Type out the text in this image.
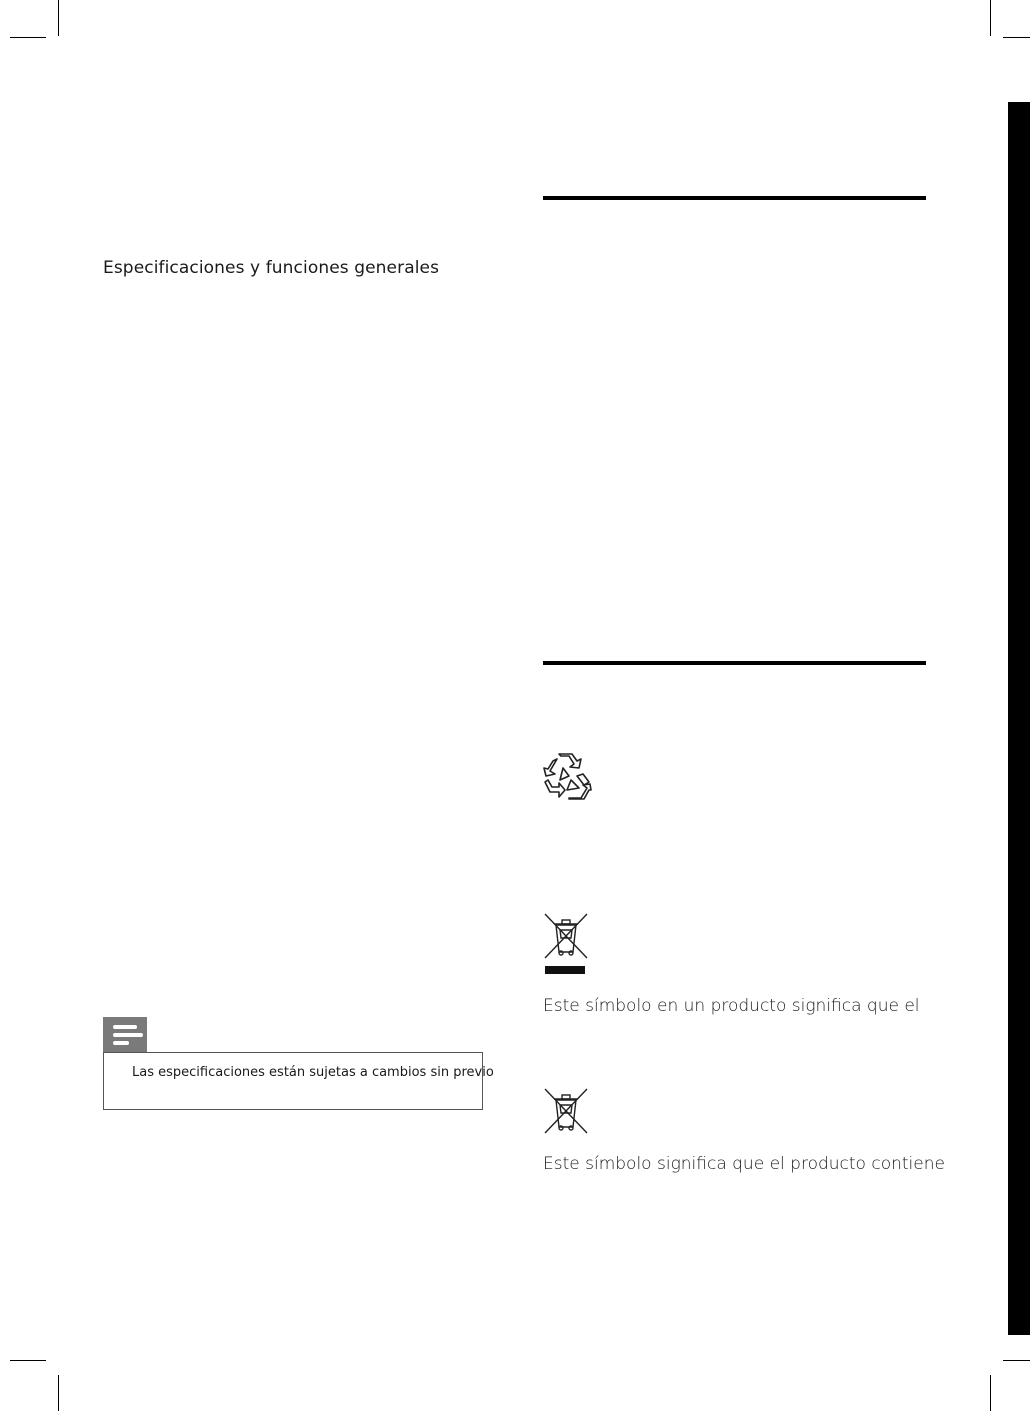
Especificaciones y funciones generales
Las especificaciones están sujetas a cambios sin previo
Este símbolo en un producto significa que el
Este símbolo significa que el producto contiene
